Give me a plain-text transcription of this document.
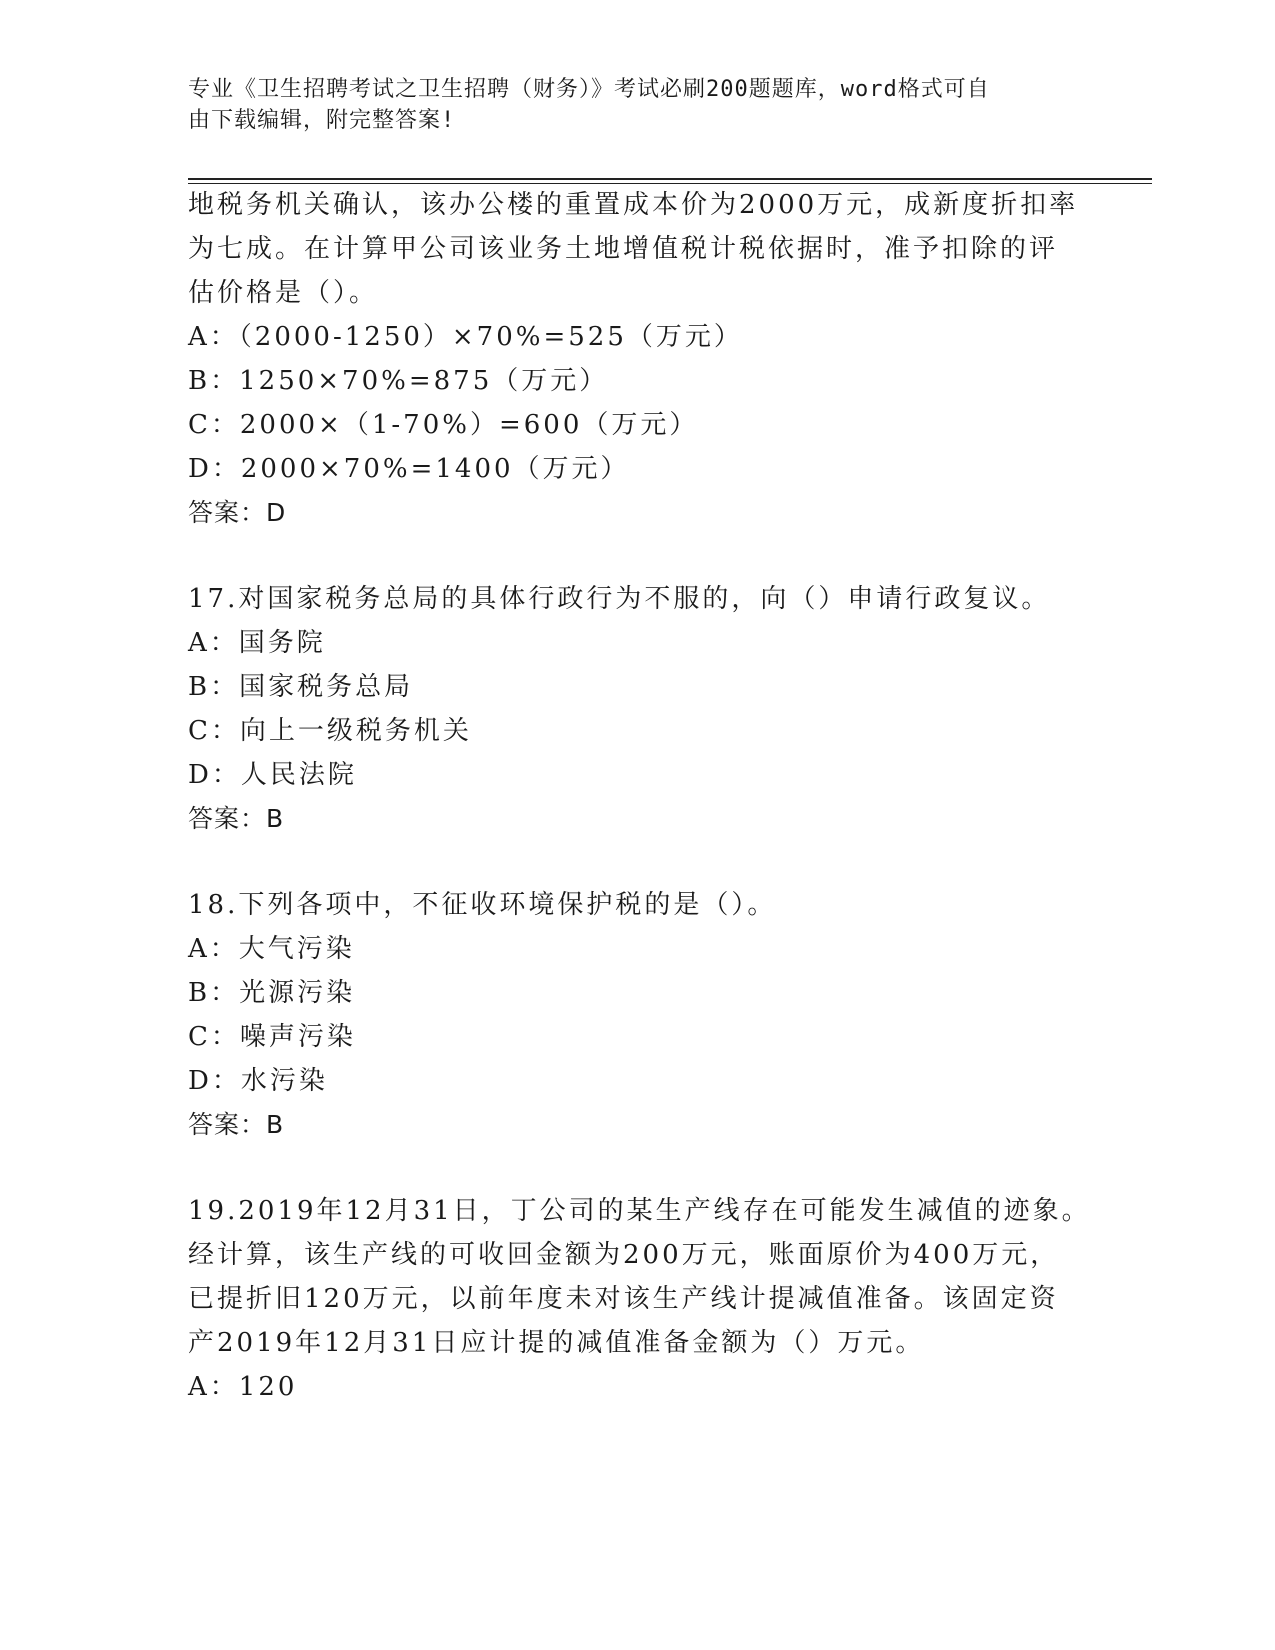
专业《卫生招聘考试之卫生招聘（财务）》考试必刷200题题库，word格式可自
由下载编辑，附完整答案!
地税务机关确认，该办公楼的重置成本价为2000万元，成新度折扣率
为七成。在计算甲公司该业务土地增值税计税依据时，准予扣除的评
估价格是（）。
A：（2000-1250）×70%=525（万元）
B：1250×70%=875（万元）
C：2000×（1-70%）=600（万元）
D：2000×70%=1400（万元）
答案：D
17.对国家税务总局的具体行政行为不服的，向（）申请行政复议。
A：国务院
B：国家税务总局
C：向上一级税务机关
D：人民法院
答案：B
18.下列各项中，不征收环境保护税的是（）。
A：大气污染
B：光源污染
C：噪声污染
D：水污染
答案：B
19.2019年12月31日，丁公司的某生产线存在可能发生减值的迹象。
经计算，该生产线的可收回金额为200万元，账面原价为400万元，
已提折旧120万元，以前年度未对该生产线计提减值准备。该固定资
产2019年12月31日应计提的减值准备金额为（）万元。
A：120
